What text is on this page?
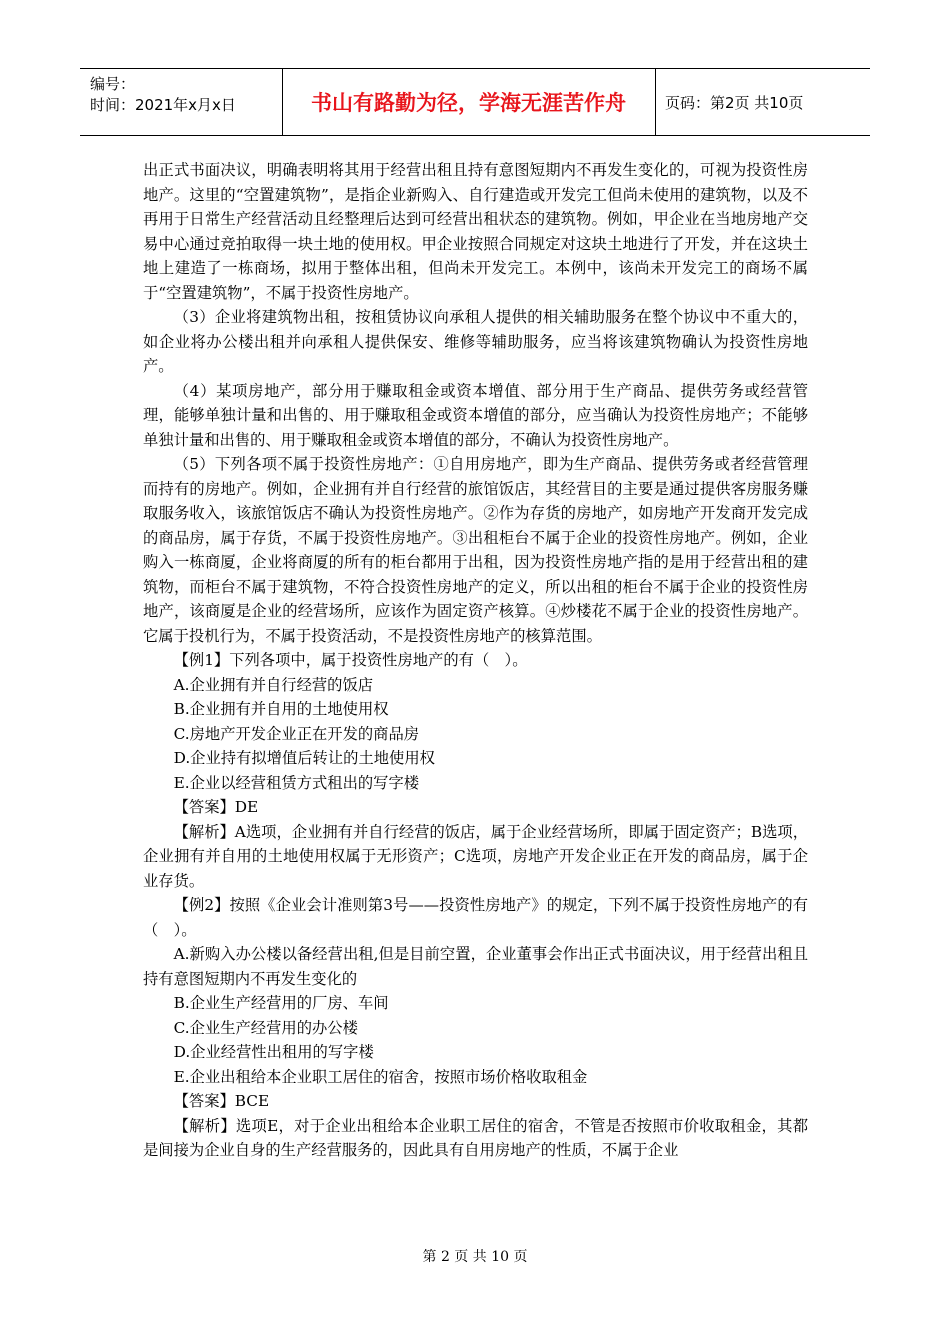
编号：
时间：2021年x月x日	书山有路勤为径，学海无涯苦作舟	页码：第2页 共10页

出正式书面决议，明确表明将其用于经营出租且持有意图短期内不再发生变化的，可视为投资性房地产。这里的“空置建筑物”，是指企业新购入、自行建造或开发完工但尚未使用的建筑物，以及不再用于日常生产经营活动且经整理后达到可经营出租状态的建筑物。例如，甲企业在当地房地产交易中心通过竞拍取得一块土地的使用权。甲企业按照合同规定对这块土地进行了开发，并在这块土地上建造了一栋商场，拟用于整体出租，但尚未开发完工。本例中，该尚未开发完工的商场不属于“空置建筑物”，不属于投资性房地产。

（3）企业将建筑物出租，按租赁协议向承租人提供的相关辅助服务在整个协议中不重大的，如企业将办公楼出租并向承租人提供保安、维修等辅助服务，应当将该建筑物确认为投资性房地产。

（4）某项房地产，部分用于赚取租金或资本增值、部分用于生产商品、提供劳务或经营管理，能够单独计量和出售的、用于赚取租金或资本增值的部分，应当确认为投资性房地产；不能够单独计量和出售的、用于赚取租金或资本增值的部分，不确认为投资性房地产。

（5）下列各项不属于投资性房地产：①自用房地产，即为生产商品、提供劳务或者经营管理而持有的房地产。例如，企业拥有并自行经营的旅馆饭店，其经营目的主要是通过提供客房服务赚取服务收入，该旅馆饭店不确认为投资性房地产。②作为存货的房地产，如房地产开发商开发完成的商品房，属于存货，不属于投资性房地产。③出租柜台不属于企业的投资性房地产。例如，企业购入一栋商厦，企业将商厦的所有的柜台都用于出租，因为投资性房地产指的是用于经营出租的建筑物，而柜台不属于建筑物，不符合投资性房地产的定义，所以出租的柜台不属于企业的投资性房地产，该商厦是企业的经营场所，应该作为固定资产核算。④炒楼花不属于企业的投资性房地产。它属于投机行为，不属于投资活动，不是投资性房地产的核算范围。

【例1】下列各项中，属于投资性房地产的有（　）。

A.企业拥有并自行经营的饭店

B.企业拥有并自用的土地使用权

C.房地产开发企业正在开发的商品房

D.企业持有拟增值后转让的土地使用权

E.企业以经营租赁方式租出的写字楼

【答案】DE

【解析】A选项，企业拥有并自行经营的饭店，属于企业经营场所，即属于固定资产；B选项，企业拥有并自用的土地使用权属于无形资产；C选项，房地产开发企业正在开发的商品房，属于企业存货。

【例2】按照《企业会计准则第3号——投资性房地产》的规定，下列不属于投资性房地产的有（　）。

A.新购入办公楼以备经营出租,但是目前空置，企业董事会作出正式书面决议，用于经营出租且持有意图短期内不再发生变化的

B.企业生产经营用的厂房、车间

C.企业生产经营用的办公楼

D.企业经营性出租用的写字楼

E.企业出租给本企业职工居住的宿舍，按照市场价格收取租金

【答案】BCE

【解析】选项E，对于企业出租给本企业职工居住的宿舍，不管是否按照市价收取租金，其都是间接为企业自身的生产经营服务的，因此具有自用房地产的性质，不属于企业

第 2 页 共 10 页
